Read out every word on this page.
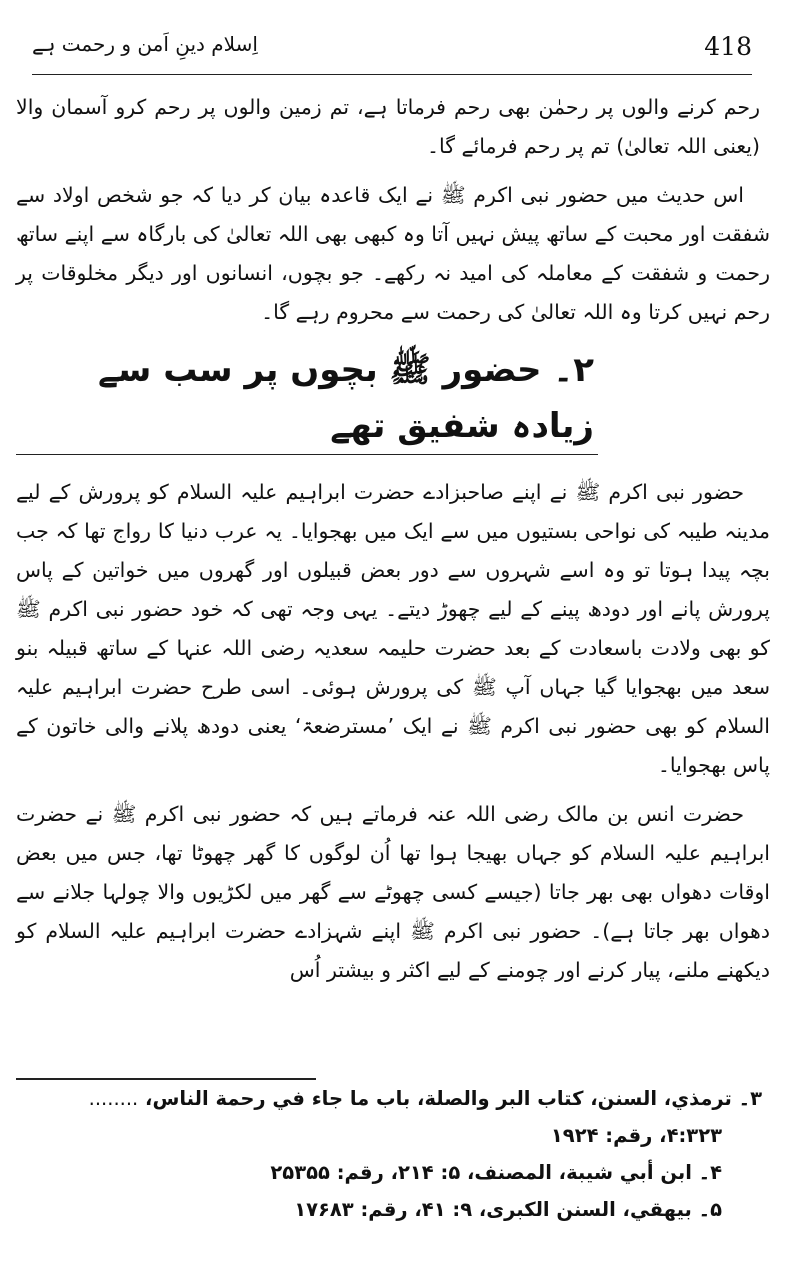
418
اِسلام دینِ اَمن و رحمت ہے

رحم کرنے والوں پر رحمٰن بھی رحم فرماتا ہے، تم زمین والوں پر رحم کرو آسمان والا (یعنی اللہ تعالیٰ) تم پر رحم فرمائے گا۔

اس حدیث میں حضور نبی اکرم ﷺ نے ایک قاعدہ بیان کر دیا کہ جو شخص اولاد سے شفقت اور محبت کے ساتھ پیش نہیں آتا وہ کبھی بھی اللہ تعالیٰ کی بارگاہ سے اپنے ساتھ رحمت و شفقت کے معاملہ کی امید نہ رکھے۔ جو بچوں، انسانوں اور دیگر مخلوقات پر رحم نہیں کرتا وہ اللہ تعالیٰ کی رحمت سے محروم رہے گا۔

۲۔ حضور ﷺ بچوں پر سب سے زیادہ شفیق تھے

حضور نبی اکرم ﷺ نے اپنے صاحبزادے حضرت ابراہیم علیہ السلام کو پرورش کے لیے مدینہ طیبہ کی نواحی بستیوں میں سے ایک میں بھجوایا۔ یہ عرب دنیا کا رواج تھا کہ جب بچہ پیدا ہوتا تو وہ اسے شہروں سے دور بعض قبیلوں اور گھروں میں خواتین کے پاس پرورش پانے اور دودھ پینے کے لیے چھوڑ دیتے۔ یہی وجہ تھی کہ خود حضور نبی اکرم ﷺ کو بھی ولادت باسعادت کے بعد حضرت حلیمہ سعدیہ رضی اللہ عنہا کے ساتھ قبیلہ بنو سعد میں بھجوایا گیا جہاں آپ ﷺ کی پرورش ہوئی۔ اسی طرح حضرت ابراہیم علیہ السلام کو بھی حضور نبی اکرم ﷺ نے ایک ’مسترضعۃ‘ یعنی دودھ پلانے والی خاتون کے پاس بھجوایا۔

حضرت انس بن مالک رضی اللہ عنہ فرماتے ہیں کہ حضور نبی اکرم ﷺ نے حضرت ابراہیم علیہ السلام کو جہاں بھیجا ہوا تھا اُن لوگوں کا گھر چھوٹا تھا، جس میں بعض اوقات دھواں بھی بھر جاتا (جیسے کسی چھوٹے سے گھر میں لکڑیوں والا چولہا جلانے سے دھواں بھر جاتا ہے)۔ حضور نبی اکرم ﷺ اپنے شہزادے حضرت ابراہیم علیہ السلام کو دیکھنے ملنے، پیار کرنے اور چومنے کے لیے اکثر و بیشتر اُس

۳۔ ترمذي، السنن، كتاب البر والصلة، باب ما جاء في رحمة الناس، ........

۴:۳۲۳، رقم: ۱۹۲۴

۴۔ ابن أبي شيبة، المصنف، ۵: ۲۱۴، رقم: ۲۵۳۵۵

۵۔ بيهقي، السنن الكبرى، ۹: ۴۱، رقم: ۱۷۶۸۳
